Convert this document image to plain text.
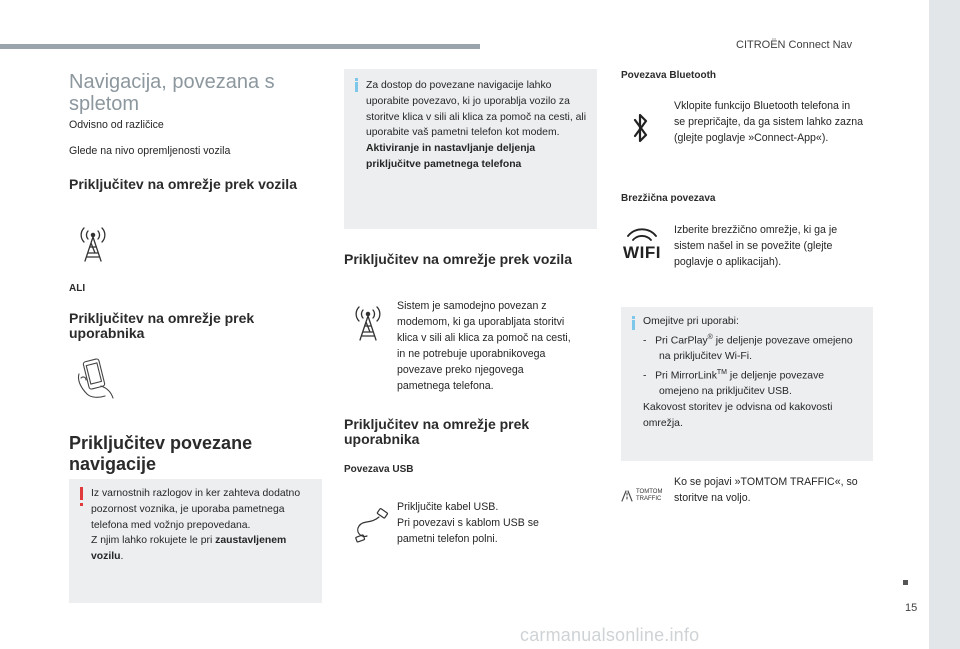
CITROËN Connect Nav
15
carmanualsonline.info
Navigacija, povezana s spletom
Odvisno od različice
Glede na nivo opremljenosti vozila
Priključitev na omrežje prek vozila
ALI
Priključitev na omrežje prek uporabnika
Priključitev povezane navigacije
Iz varnostnih razlogov in ker zahteva dodatno pozornost voznika, je uporaba pametnega telefona med vožnjo prepovedana.
Z njim lahko rokujete le pri zaustavljenem vozilu.
Za dostop do povezane navigacije lahko uporabite povezavo, ki jo uporablja vozilo za storitve klica v sili ali klica za pomoč na cesti, ali uporabite vaš pametni telefon kot modem.
Aktiviranje in nastavljanje deljenja priključitve pametnega telefona
Priključitev na omrežje prek vozila
Sistem je samodejno povezan z modemom, ki ga uporabljata storitvi klica v sili ali klica za pomoč na cesti, in ne potrebuje uporabnikovega povezave preko njegovega pametnega telefona.
Priključitev na omrežje prek uporabnika
Povezava USB
Priključite kabel USB.
Pri povezavi s kablom USB se pametni telefon polni.
Povezava Bluetooth
Vklopite funkcijo Bluetooth telefona in se prepričajte, da ga sistem lahko zazna (glejte poglavje »Connect-App«).
Brezžična povezava
WIFI
Izberite brezžično omrežje, ki ga je sistem našel in se povežite (glejte poglavje o aplikacijah).
Omejitve pri uporabi:
-   Pri CarPlay® je deljenje povezave omejeno na priključitev Wi-Fi.
-   Pri MirrorLink™ je deljenje povezave omejeno na priključitev USB.
Kakovost storitev je odvisna od kakovosti omrežja.
TOMTOM
TRAFFIC
Ko se pojavi »TOMTOM TRAFFIC«, so storitve na voljo.
